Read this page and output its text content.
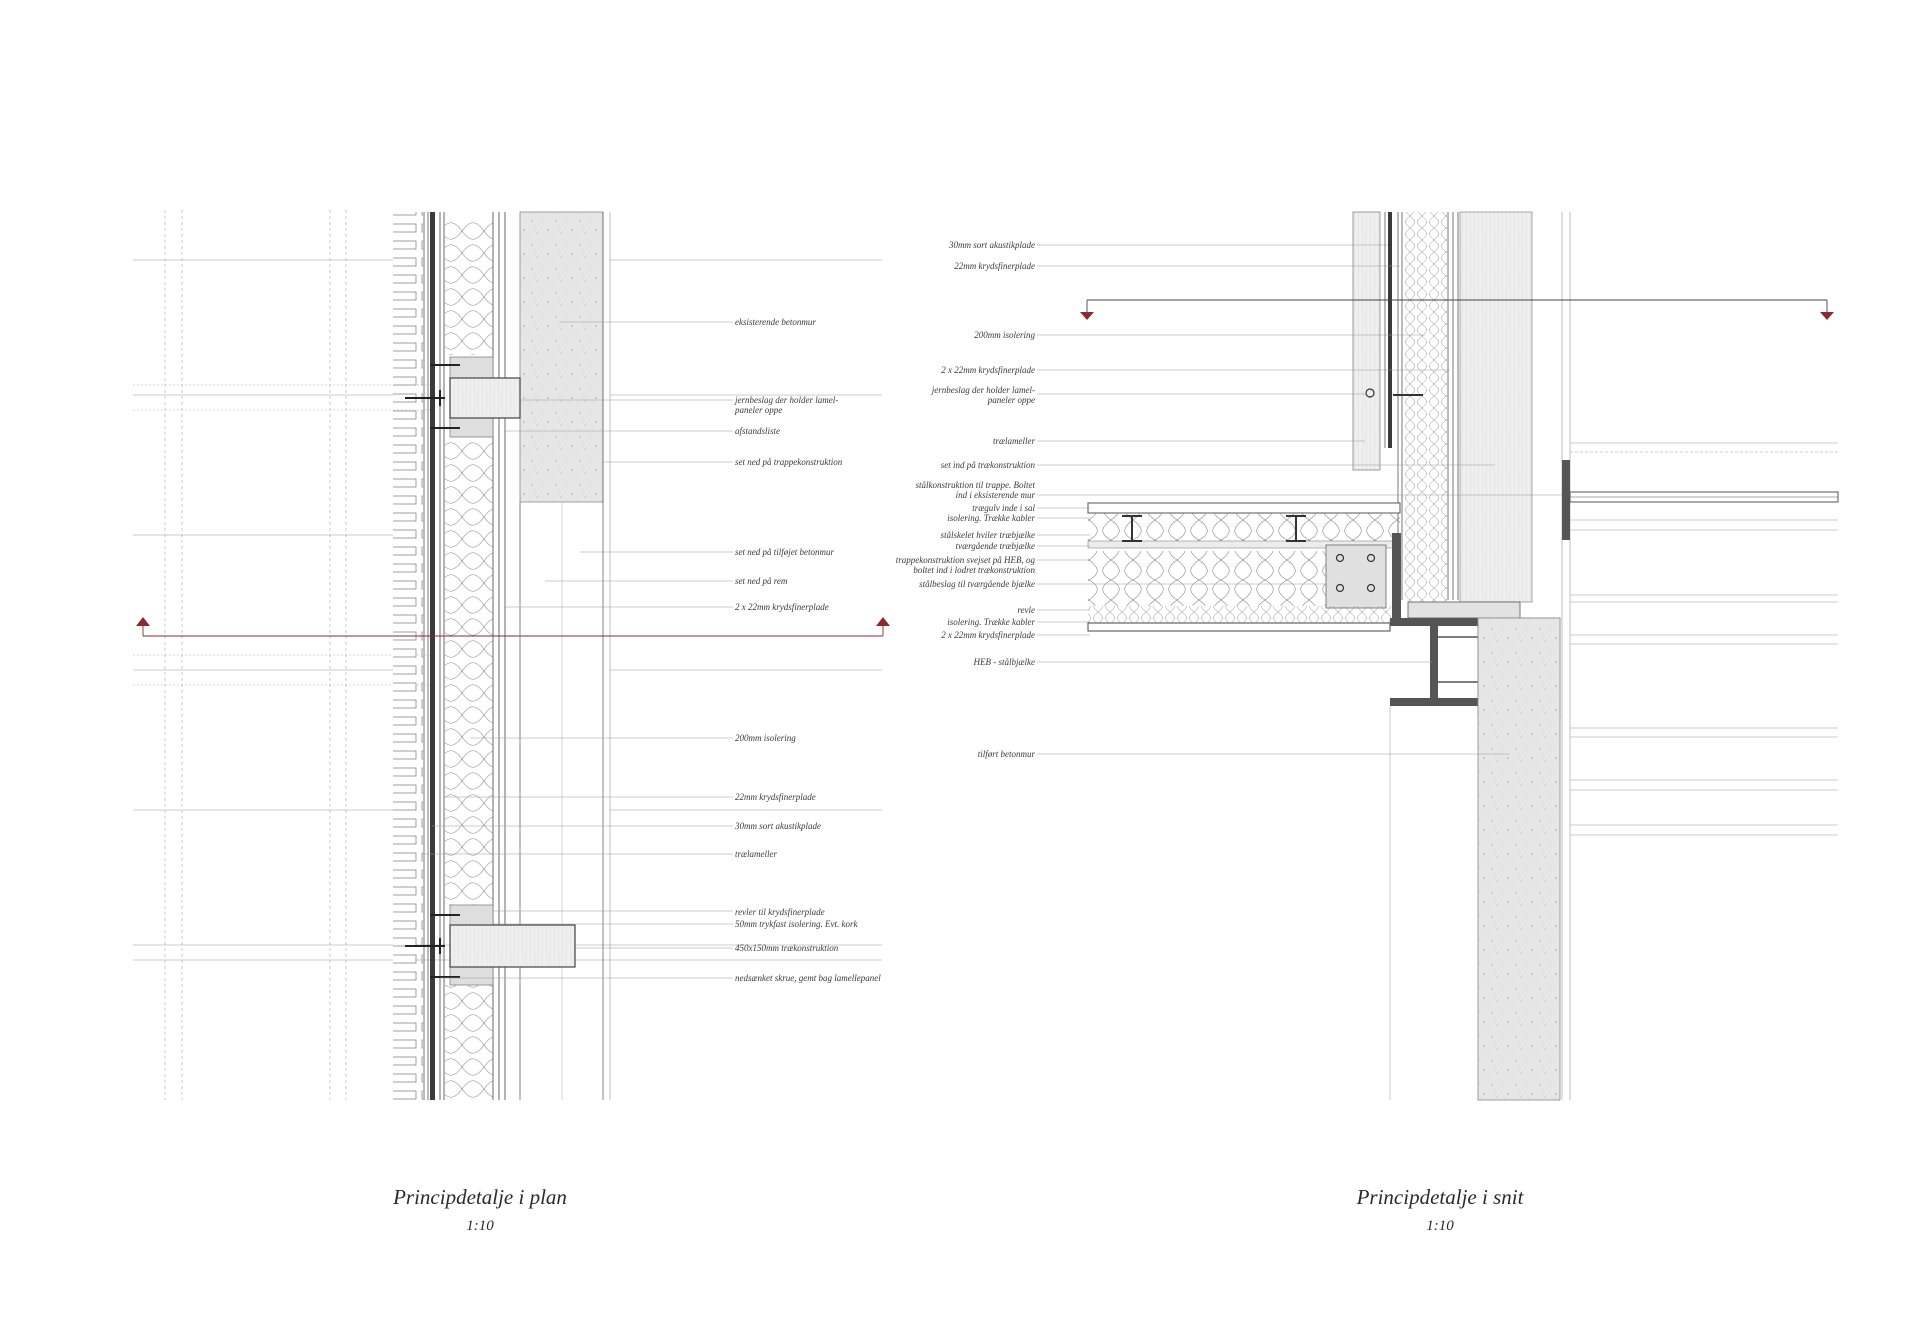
eksisterende betonmur
jernbeslag der holder lamel-
paneler oppe
afstandsliste
set ned på trappekonstruktion
set ned på tilføjet betonmur
set ned på rem
2 x 22mm krydsfinerplade
200mm isolering
22mm krydsfinerplade
30mm sort akustikplade
trælameller
revler til krydsfinerplade
50mm trykfast isolering. Evt. kork
450x150mm trækonstruktion
nedsænket skrue, gemt bag lamellepanel
30mm sort akustikplade
22mm krydsfinerplade
200mm isolering
2 x 22mm krydsfinerplade
jernbeslag der holder lamel-
paneler oppe
trælameller
set ind på trækonstruktion
stålkonstruktion til trappe. Boltet
ind i eksisterende mur
trægulv inde i sal
isolering. Trække kabler
stålskelet hviler træbjælke
tværgående træbjælke
trappekonstruktion svejset på HEB, og
boltet ind i lodret trækonstruktion
stålbeslag til tværgående bjælke
revle
isolering. Trække kabler
2 x 22mm krydsfinerplade
HEB - stålbjælke
tilført betonmur
Principdetalje i plan
1:10
Principdetalje i snit
1:10
